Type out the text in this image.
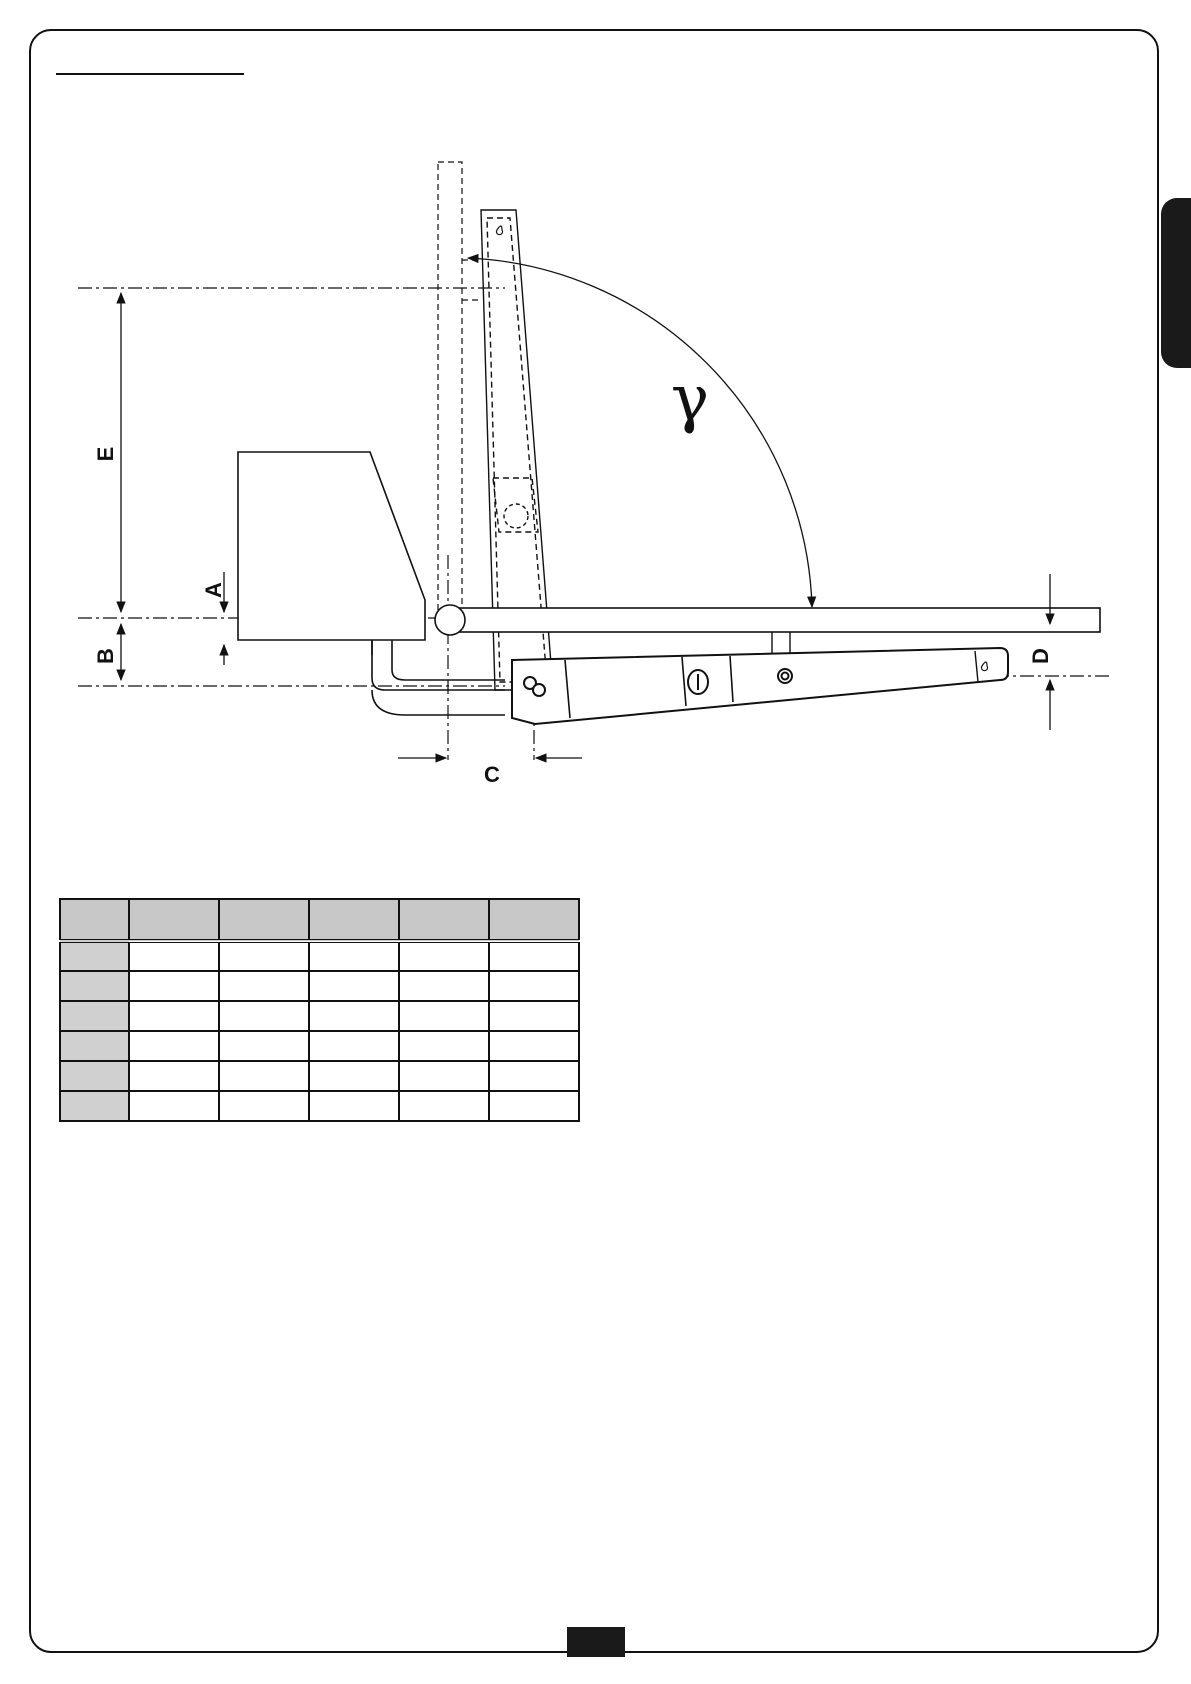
E
A
B
C
D
γ
